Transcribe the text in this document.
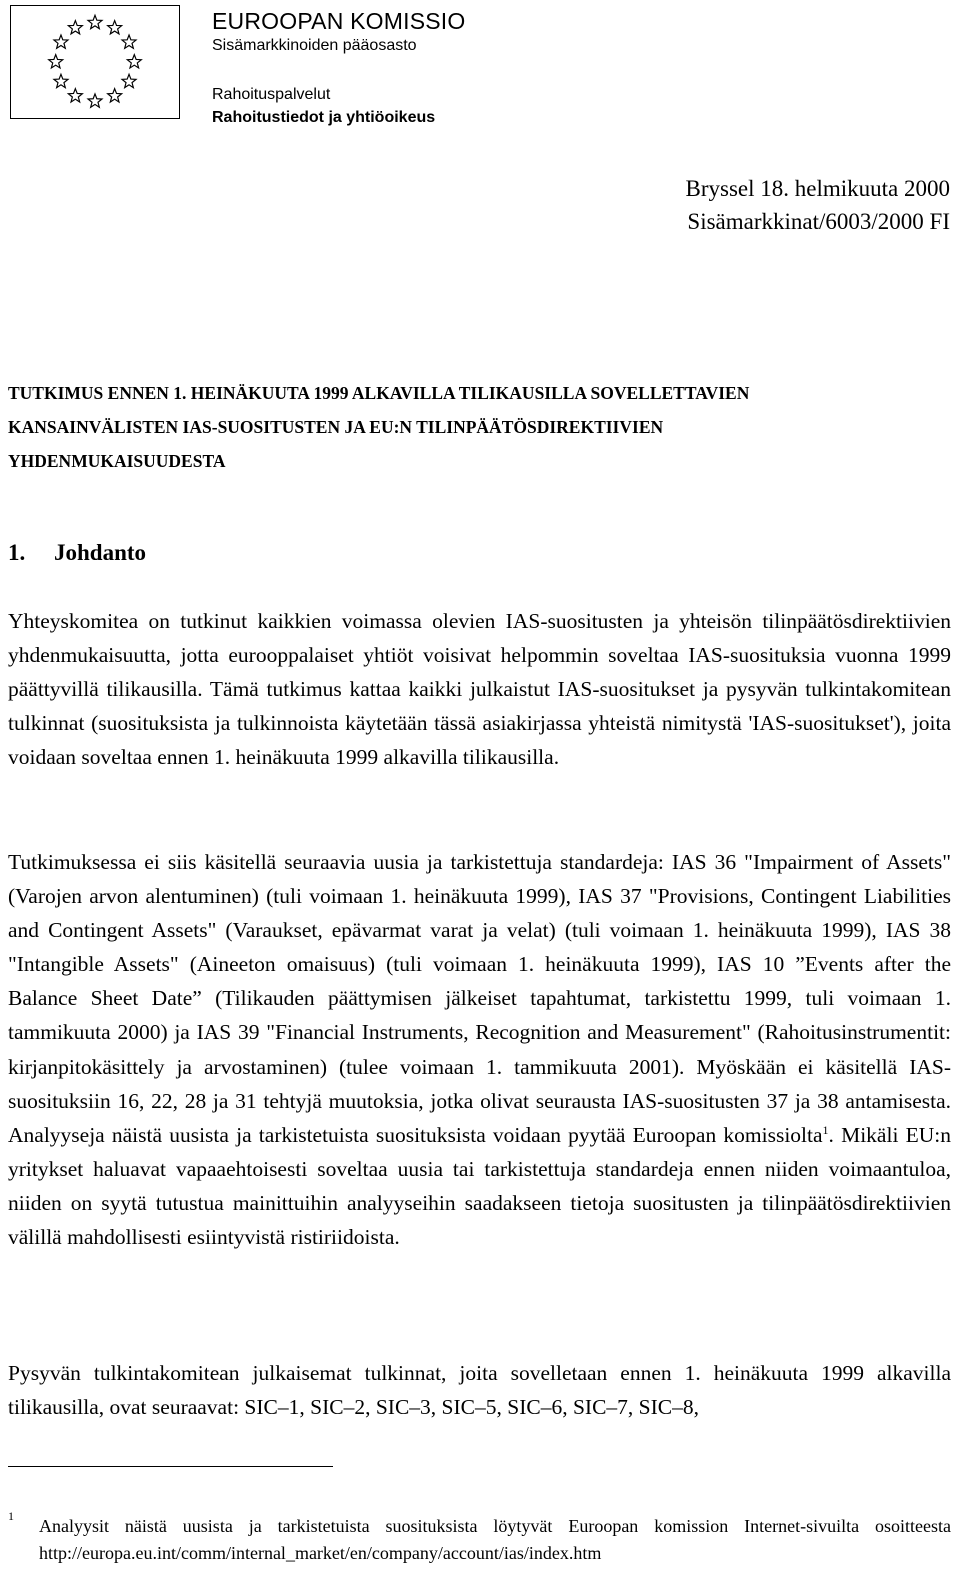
EUROOPAN KOMISSIO
Sisämarkkinoiden pääosasto
Rahoituspalvelut
Rahoitustiedot ja yhtiöoikeus
Bryssel 18. helmikuuta 2000
Sisämarkkinat/6003/2000 FI
TUTKIMUS ENNEN 1. HEINÄKUUTA 1999 ALKAVILLA TILIKAUSILLA SOVELLETTAVIEN
KANSAINVÄLISTEN IAS-SUOSITUSTEN JA EU:N TILINPÄÄTÖSDIREKTIIVIEN
YHDENMUKAISUUDESTA
1. Johdanto

Yhteyskomitea on tutkinut kaikkien voimassa olevien IAS-suositusten ja yhteisön tilinpäätösdirektiivien yhdenmukaisuutta, jotta eurooppalaiset yhtiöt voisivat helpommin soveltaa IAS-suosituksia vuonna 1999 päättyvillä tilikausilla. Tämä tutkimus kattaa kaikki julkaistut IAS-suositukset ja pysyvän tulkintakomitean tulkinnat (suosituksista ja tulkinnoista käytetään tässä asiakirjassa yhteistä nimitystä 'IAS-suositukset'), joita voidaan soveltaa ennen 1. heinäkuuta 1999 alkavilla tilikausilla.

Tutkimuksessa ei siis käsitellä seuraavia uusia ja tarkistettuja standardeja: IAS 36 "Impairment of Assets" (Varojen arvon alentuminen) (tuli voimaan 1. heinäkuuta 1999), IAS 37 "Provisions, Contingent Liabilities and Contingent Assets" (Varaukset, epävarmat varat ja velat) (tuli voimaan 1. heinäkuuta 1999), IAS 38 "Intangible Assets" (Aineeton omaisuus) (tuli voimaan 1. heinäkuuta 1999), IAS 10 ”Events after the Balance Sheet Date” (Tilikauden päättymisen jälkeiset tapahtumat, tarkistettu 1999, tuli voimaan 1. tammikuuta 2000) ja IAS 39 "Financial Instruments, Recognition and Measurement" (Rahoitusinstrumentit: kirjanpitokäsittely ja arvostaminen) (tulee voimaan 1. tammikuuta 2001). Myöskään ei käsitellä IAS-suosituksiin 16, 22, 28 ja 31 tehtyjä muutoksia, jotka olivat seurausta IAS-suositusten 37 ja 38 antamisesta. Analyyseja näistä uusista ja tarkistetuista suosituksista voidaan pyytää Euroopan komissiolta$^1$. Mikäli EU:n yritykset haluavat vapaaehtoisesti soveltaa uusia tai tarkistettuja standardeja ennen niiden voimaantuloa, niiden on syytä tutustua mainittuihin analyyseihin saadakseen tietoja suositusten ja tilinpäätösdirektiivien välillä mahdollisesti esiintyvistä ristiriidoista.

Pysyvän tulkintakomitean julkaisemat tulkinnat, joita sovelletaan ennen 1. heinäkuuta 1999 alkavilla tilikausilla, ovat seuraavat: SIC–1, SIC–2, SIC–3, SIC–5, SIC–6, SIC–7, SIC–8,

1 Analyysit näistä uusista ja tarkistetuista suosituksista löytyvät Euroopan komission Internet-sivuilta osoitteesta http://europa.eu.int/comm/internal_market/en/company/account/ias/index.htm
